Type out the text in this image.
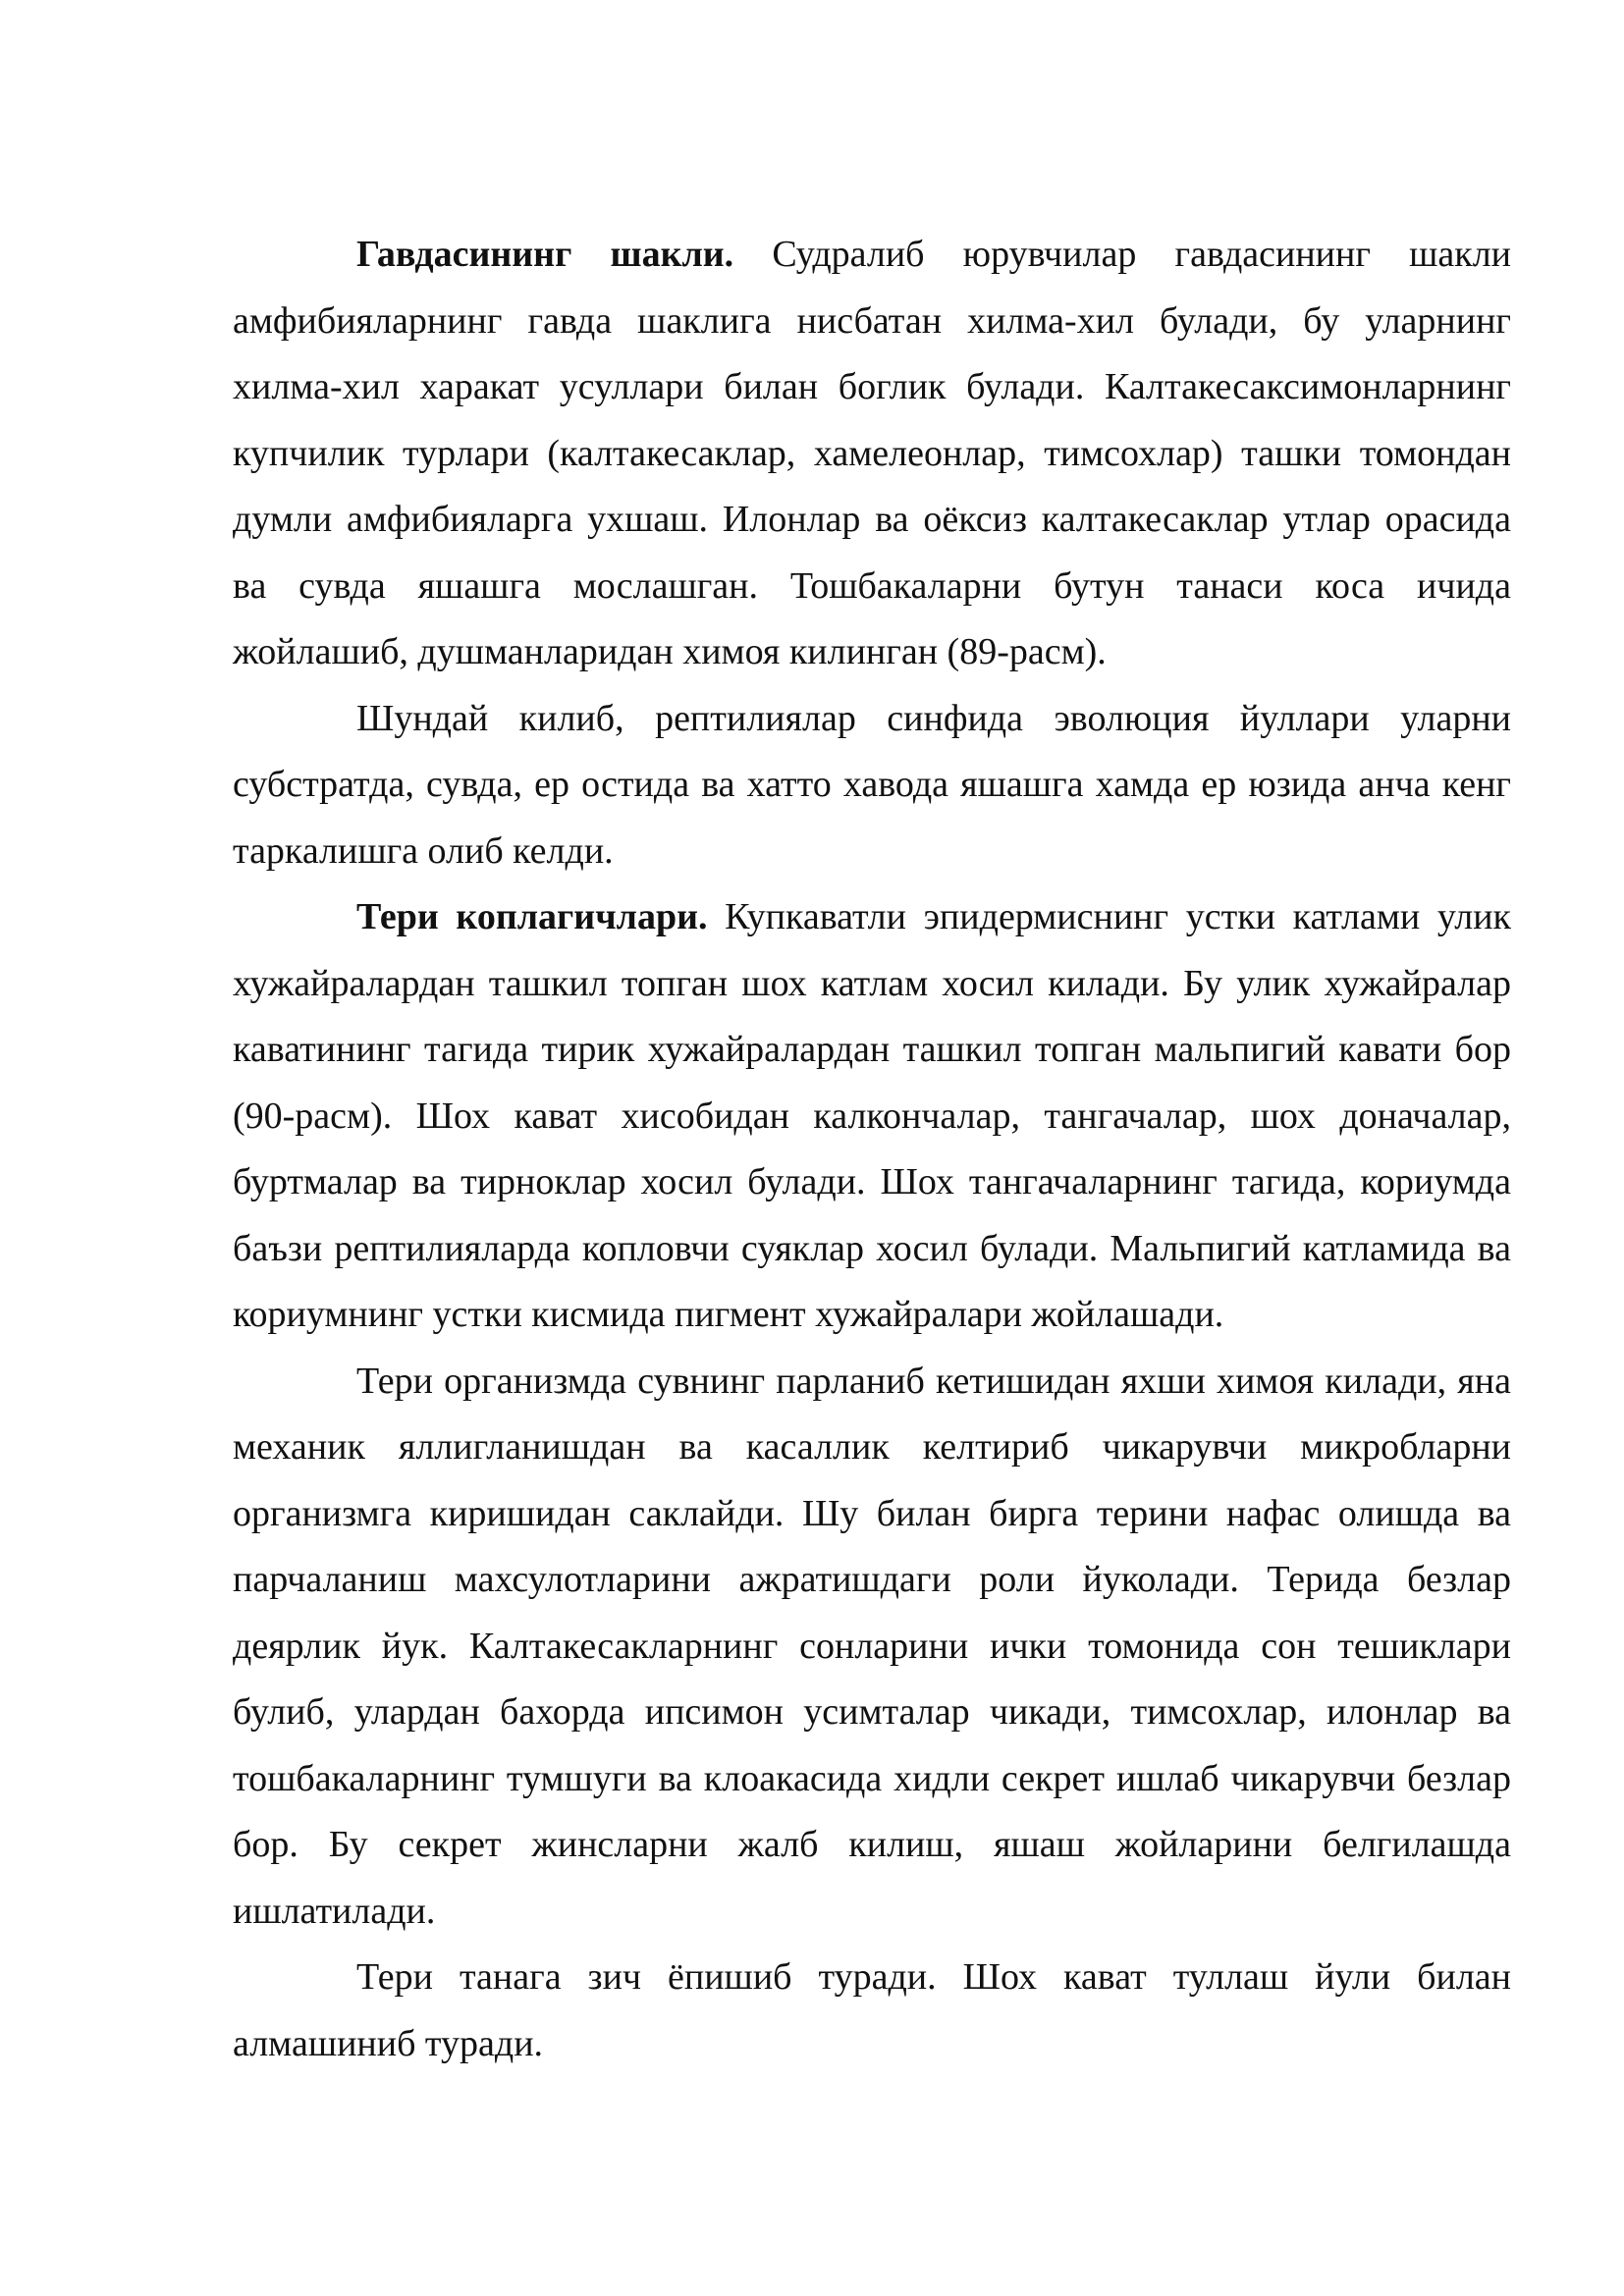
Гавдасининг шакли. Судралиб юрувчилар гавдасининг шакли амфибияларнинг гавда шаклига нисбатан хилма-хил булади, бу уларнинг хилма-хил харакат усуллари билан боглик булади. Калтакесаксимонларнинг купчилик турлари (калтакесаклар, хамелеонлар, тимсохлар) ташки томондан думли амфибияларга ухшаш. Илонлар ва оёксиз калтакесаклар утлар орасида ва сувда яшашга мослашган. Тошбакаларни бутун танаси коса ичида жойлашиб, душманларидан химоя килинган (89-расм).

Шундай килиб, рептилиялар синфида эволюция йуллари уларни субстратда, сувда, ер остида ва хатто хавода яшашга хамда ер юзида анча кенг таркалишга олиб келди.

Тери коплагичлари. Купкаватли эпидермиснинг устки катлами улик хужайралардан ташкил топган шох катлам хосил килади. Бу улик хужайралар каватининг тагида тирик хужайралардан ташкил топган мальпигий кавати бор (90-расм). Шох кават хисобидан калкончалар, тангачалар, шох доначалар, буртмалар ва тирноклар хосил булади. Шох тангачаларнинг тагида, кориумда баъзи рептилияларда копловчи суяклар хосил булади. Мальпигий катламида ва кориумнинг устки кисмида пигмент хужайралари жойлашади.

Тери организмда сувнинг парланиб кетишидан яхши химоя килади, яна механик яллигланишдан ва касаллик келтириб чикарувчи микробларни организмга киришидан саклайди. Шу билан бирга терини нафас олишда ва парчаланиш махсулотларини ажратишдаги роли йуколади. Терида безлар деярлик йук. Калтакесакларнинг сонларини ички томонида сон тешиклари булиб, улардан бахорда ипсимон усимталар чикади, тимсохлар, илонлар ва тошбакаларнинг тумшуги ва клоакасида хидли секрет ишлаб чикарувчи безлар бор. Бу секрет жинсларни жалб килиш, яшаш жойларини белгилашда ишлатилади.

Тери танага зич ёпишиб туради. Шох кават туллаш йули билан алмашиниб туради.
